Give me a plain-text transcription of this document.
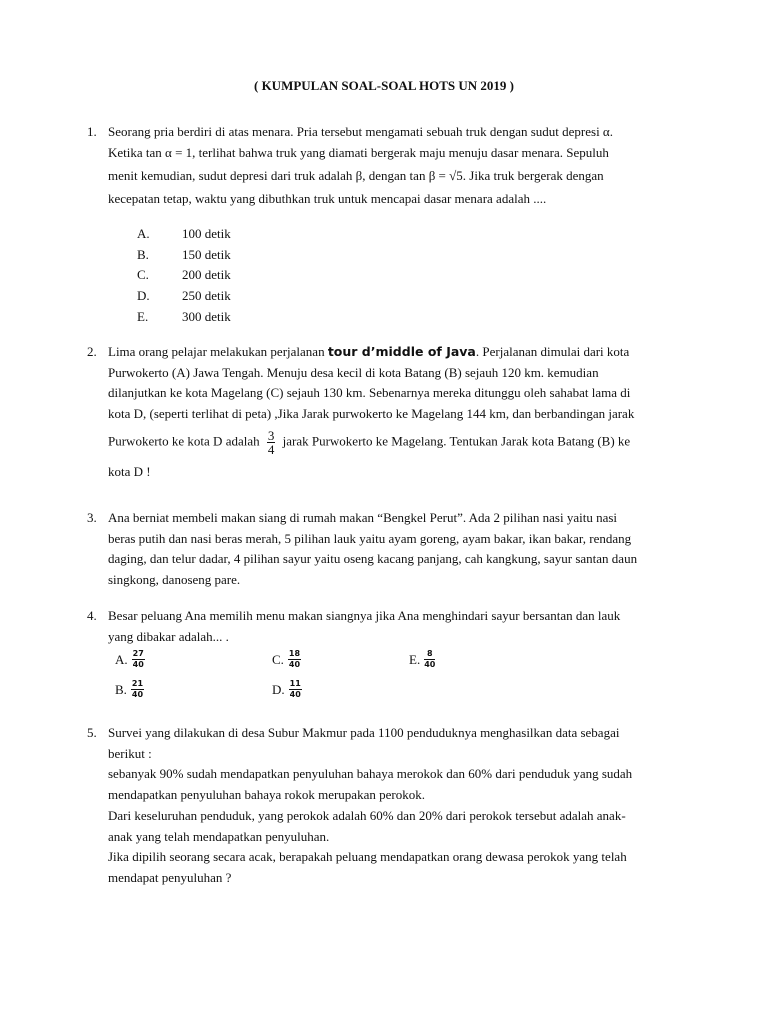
( KUMPULAN SOAL-SOAL HOTS UN 2019 )
1. Seorang pria berdiri di atas menara. Pria tersebut mengamati sebuah truk dengan sudut depresi α.
Ketika tan α = 1, terlihat bahwa truk yang diamati bergerak maju menuju dasar menara. Sepuluh
menit kemudian, sudut depresi dari truk adalah β, dengan tan β = √5. Jika truk bergerak dengan
kecepatan tetap, waktu yang dibuthkan truk untuk mencapai dasar menara adalah ....
A.	100 detik
B.	150 detik
C.	200 detik
D.	250 detik
E.	300 detik
2. Lima orang pelajar melakukan perjalanan tour d’middle of Java. Perjalanan dimulai dari kota
Purwokerto (A) Jawa Tengah. Menuju desa kecil di kota Batang (B) sejauh 120 km. kemudian
dilanjutkan ke kota Magelang (C) sejauh 130 km. Sebenarnya mereka ditunggu oleh sahabat lama di
kota D, (seperti terlihat di peta) ,Jika Jarak purwokerto ke Magelang 144 km, dan berbandingan jarak
Purwokerto ke kota D adalah $\frac{3}{4}$ jarak Purwokerto ke Magelang. Tentukan Jarak kota Batang (B) ke
kota D !
3. Ana berniat membeli makan siang di rumah makan “Bengkel Perut”. Ada 2 pilihan nasi yaitu nasi
beras putih dan nasi beras merah, 5 pilihan lauk yaitu ayam goreng, ayam bakar, ikan bakar, rendang
daging, dan telur dadar, 4 pilihan sayur yaitu oseng kacang panjang, cah kangkung, sayur santan daun
singkong, danoseng pare.
4. Besar peluang Ana memilih menu makan siangnya jika Ana menghindari sayur bersantan dan lauk
yang dibakar adalah... .
A. $\frac{27}{40}$	C. $\frac{18}{40}$	E. $\frac{8}{40}$
B. $\frac{21}{40}$	D. $\frac{11}{40}$
5. Survei yang dilakukan di desa Subur Makmur pada 1100 penduduknya menghasilkan data sebagai
berikut :
sebanyak 90% sudah mendapatkan penyuluhan bahaya merokok dan 60% dari penduduk yang sudah
mendapatkan penyuluhan bahaya rokok merupakan perokok.
Dari keseluruhan penduduk, yang perokok adalah 60% dan 20% dari perokok tersebut adalah anak-
anak yang telah mendapatkan penyuluhan.
Jika dipilih seorang secara acak, berapakah peluang mendapatkan orang dewasa perokok yang telah
mendapat penyuluhan ?
